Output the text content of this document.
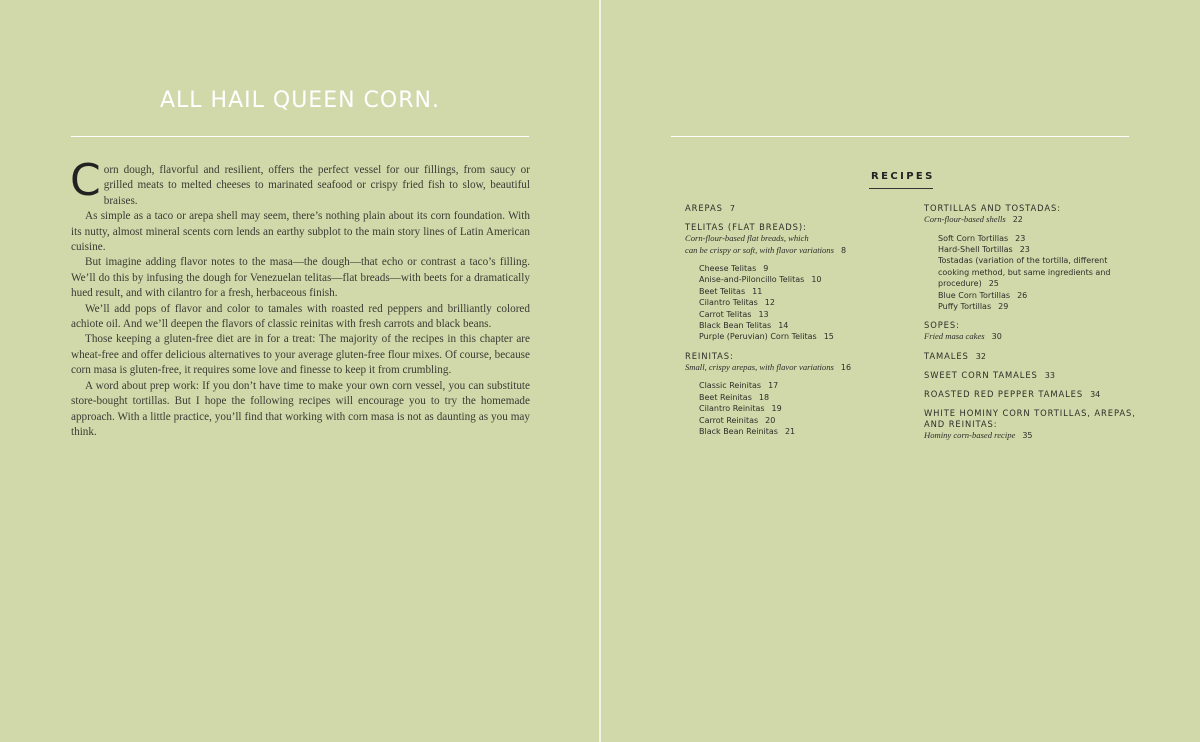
ALL HAIL QUEEN CORN.

Corn dough, flavorful and resilient, offers the perfect vessel for our fillings, from saucy or grilled meats to melted cheeses to marinated seafood or crispy fried fish to slow, beautiful braises.

As simple as a taco or arepa shell may seem, there’s nothing plain about its corn foundation. With its nutty, almost mineral scents corn lends an earthy subplot to the main story lines of Latin American cuisine.

But imagine adding flavor notes to the masa—the dough—that echo or contrast a taco’s filling. We’ll do this by infusing the dough for Venezuelan telitas—flat breads—with beets for a dramatically hued result, and with cilantro for a fresh, herbaceous finish.

We’ll add pops of flavor and color to tamales with roasted red peppers and brilliantly colored achiote oil. And we’ll deepen the flavors of classic reinitas with fresh carrots and black beans.

Those keeping a gluten-free diet are in for a treat: The majority of the recipes in this chapter are wheat-free and offer delicious alternatives to your average gluten-free flour mixes. Of course, because corn masa is gluten-free, it requires some love and finesse to keep it from crumbling.

A word about prep work: If you don’t have time to make your own corn vessel, you can substitute store-bought tortillas. But I hope the following recipes will encourage you to try the homemade approach. With a little practice, you’ll find that working with corn masa is not as daunting as you may think.

RECIPES
AREPAS 7
TELITAS (FLAT BREADS):
Corn-flour-based flat breads, which
can be crispy or soft, with flavor variations 8
Cheese Telitas 9
Anise-and-Piloncillo Telitas 10
Beet Telitas 11
Cilantro Telitas 12
Carrot Telitas 13
Black Bean Telitas 14
Purple (Peruvian) Corn Telitas 15
REINITAS:
Small, crispy arepas, with flavor variations 16
Classic Reinitas 17
Beet Reinitas 18
Cilantro Reinitas 19
Carrot Reinitas 20
Black Bean Reinitas 21
TORTILLAS AND TOSTADAS:
Corn-flour-based shells 22
Soft Corn Tortillas 23
Hard-Shell Tortillas 23
Tostadas (variation of the tortilla, different
cooking method, but same ingredients and
procedure) 25
Blue Corn Tortillas 26
Puffy Tortillas 29
SOPES:
Fried masa cakes 30
TAMALES 32
SWEET CORN TAMALES 33
ROASTED RED PEPPER TAMALES 34
WHITE HOMINY CORN TORTILLAS, AREPAS,
AND REINITAS:
Hominy corn-based recipe 35
